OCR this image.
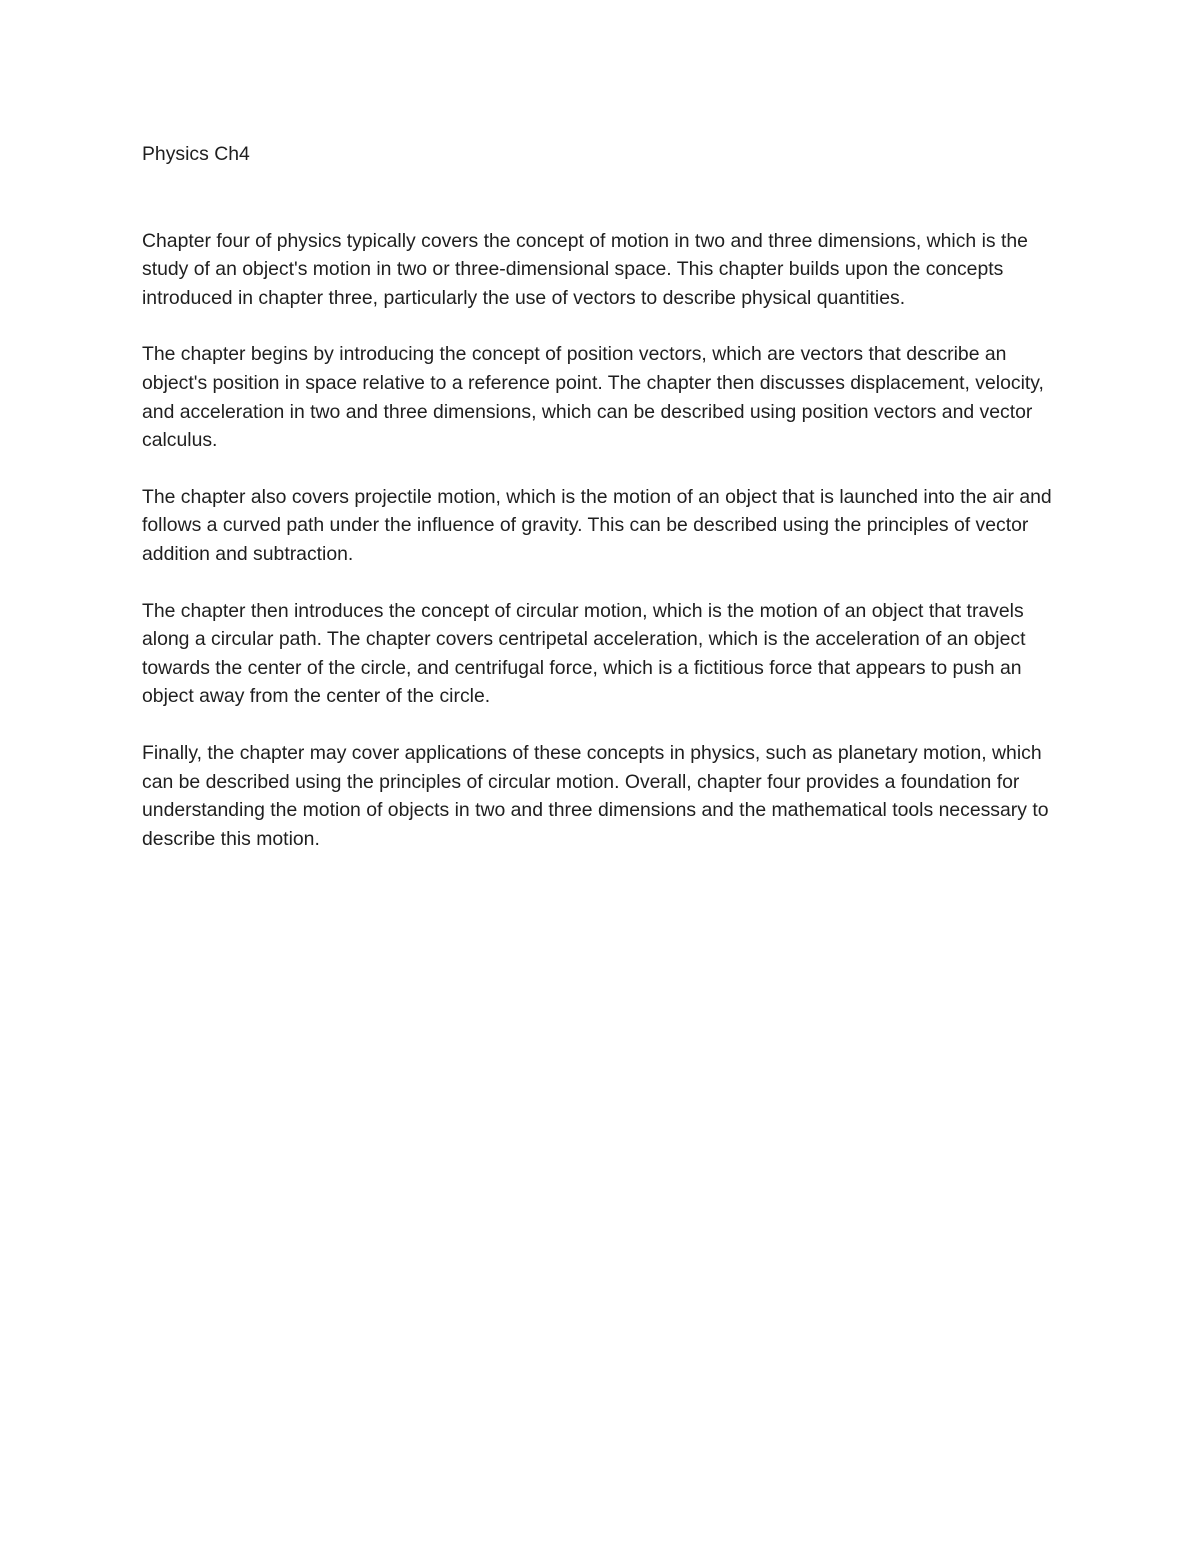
Physics Ch4

Chapter four of physics typically covers the concept of motion in two and three dimensions, which is the study of an object's motion in two or three-dimensional space. This chapter builds upon the concepts introduced in chapter three, particularly the use of vectors to describe physical quantities.

The chapter begins by introducing the concept of position vectors, which are vectors that describe an object's position in space relative to a reference point. The chapter then discusses displacement, velocity, and acceleration in two and three dimensions, which can be described using position vectors and vector calculus.

The chapter also covers projectile motion, which is the motion of an object that is launched into the air and follows a curved path under the influence of gravity. This can be described using the principles of vector addition and subtraction.

The chapter then introduces the concept of circular motion, which is the motion of an object that travels along a circular path. The chapter covers centripetal acceleration, which is the acceleration of an object towards the center of the circle, and centrifugal force, which is a fictitious force that appears to push an object away from the center of the circle.

Finally, the chapter may cover applications of these concepts in physics, such as planetary motion, which can be described using the principles of circular motion. Overall, chapter four provides a foundation for understanding the motion of objects in two and three dimensions and the mathematical tools necessary to describe this motion.
